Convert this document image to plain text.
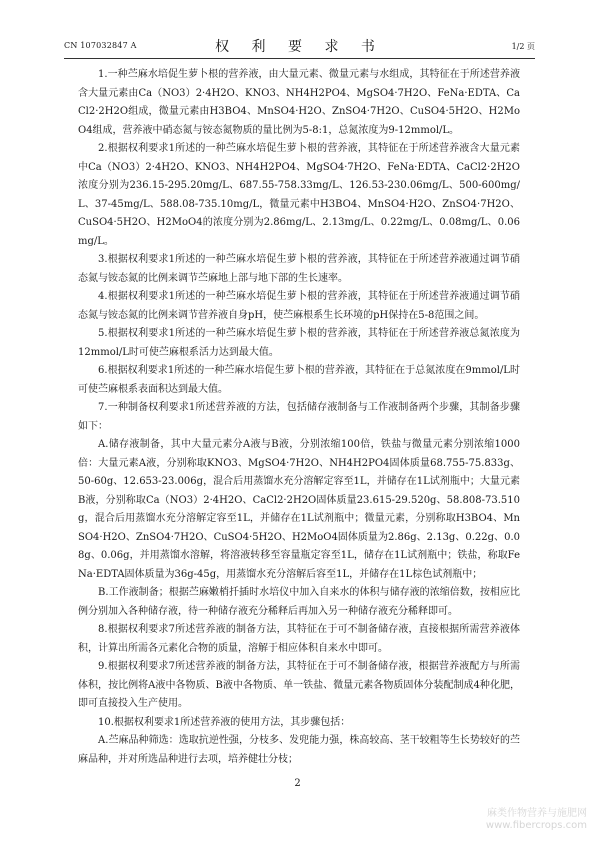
CN 107032847 A	权 利 要 求 书	1/2 页

1.一种苎麻水培促生萝卜根的营养液，由大量元素、微量元素与水组成，其特征在于所述营养液含大量元素由Ca（NO3）2·4H2O、KNO3、NH4H2PO4、MgSO4·7H2O、FeNa·EDTA、CaCl2·2H2O组成，微量元素由H3BO4、MnSO4·H2O、ZnSO4·7H2O、CuSO4·5H2O、H2MoO4组成，营养液中硝态氮与铵态氮物质的量比例为5-8:1，总氮浓度为9-12mmol/L。

2.根据权利要求1所述的一种苎麻水培促生萝卜根的营养液，其特征在于所述营养液含大量元素中Ca（NO3）2·4H2O、KNO3、NH4H2PO4、MgSO4·7H2O、FeNa·EDTA、CaCl2·2H2O浓度分别为236.15-295.20mg/L、687.55-758.33mg/L、126.53-230.06mg/L、500-600mg/L、37-45mg/L、588.08-735.10mg/L，微量元素中H3BO4、MnSO4·H2O、ZnSO4·7H2O、CuSO4·5H2O、H2MoO4的浓度分别为2.86mg/L、2.13mg/L、0.22mg/L、0.08mg/L、0.06mg/L。

3.根据权利要求1所述的一种苎麻水培促生萝卜根的营养液，其特征在于所述营养液通过调节硝态氮与铵态氮的比例来调节苎麻地上部与地下部的生长速率。

4.根据权利要求1所述的一种苎麻水培促生萝卜根的营养液，其特征在于所述营养液通过调节硝态氮与铵态氮的比例来调节营养液自身pH，使苎麻根系生长环境的pH保持在5-8范围之间。

5.根据权利要求1所述的一种苎麻水培促生萝卜根的营养液，其特征在于所述营养液总氮浓度为12mmol/L时可使苎麻根系活力达到最大值。

6.根据权利要求1所述的一种苎麻水培促生萝卜根的营养液，其特征在于总氮浓度在9mmol/L时可使苎麻根系表面积达到最大值。

7.一种制备权利要求1所述营养液的方法，包括储存液制备与工作液制备两个步骤，其制备步骤如下：

A.储存液制备，其中大量元素分A液与B液，分别浓缩100倍，铁盐与微量元素分别浓缩1000倍：大量元素A液，分别称取KNO3、MgSO4·7H2O、NH4H2PO4固体质量68.755-75.833g、50-60g、12.653-23.006g，混合后用蒸馏水充分溶解定容至1L，并储存在1L试剂瓶中；大量元素B液，分别称取Ca（NO3）2·4H2O、CaCl2·2H2O固体质量23.615-29.520g、58.808-73.510g，混合后用蒸馏水充分溶解定容至1L，并储存在1L试剂瓶中；微量元素，分别称取H3BO4、MnSO4·H2O、ZnSO4·7H2O、CuSO4·5H2O、H2MoO4固体质量为2.86g、2.13g、0.22g、0.08g、0.06g，并用蒸馏水溶解，将溶液转移至容量瓶定容至1L，储存在1L试剂瓶中；铁盐，称取FeNa·EDTA固体质量为36g-45g，用蒸馏水充分溶解后容至1L，并储存在1L棕色试剂瓶中；

B.工作液制备；根据苎麻嫩梢扦插时水培仪中加入自来水的体积与储存液的浓缩倍数，按相应比例分别加入各种储存液，待一种储存液充分稀释后再加入另一种储存液充分稀释即可。

8.根据权利要求7所述营养液的制备方法，其特征在于可不制备储存液，直接根据所需营养液体积，计算出所需各元素化合物的质量，溶解于相应体积自来水中即可。

9.根据权利要求7所述营养液的制备方法，其特征在于可不制备储存液，根据营养液配方与所需体积，按比例将A液中各物质、B液中各物质、单一铁盐、微量元素各物质固体分装配制成4种化肥，即可直接投入生产使用。

10.根据权利要求1所述营养液的使用方法，其步骤包括：

A.苎麻品种筛选：选取抗逆性强，分枝多、发兜能力强，株高较高、茎干较粗等生长势较好的苎麻品种，并对所选品种进行去项，培养健壮分枝；

2
麻类作物营养与施肥网
www.fibercrops.com
